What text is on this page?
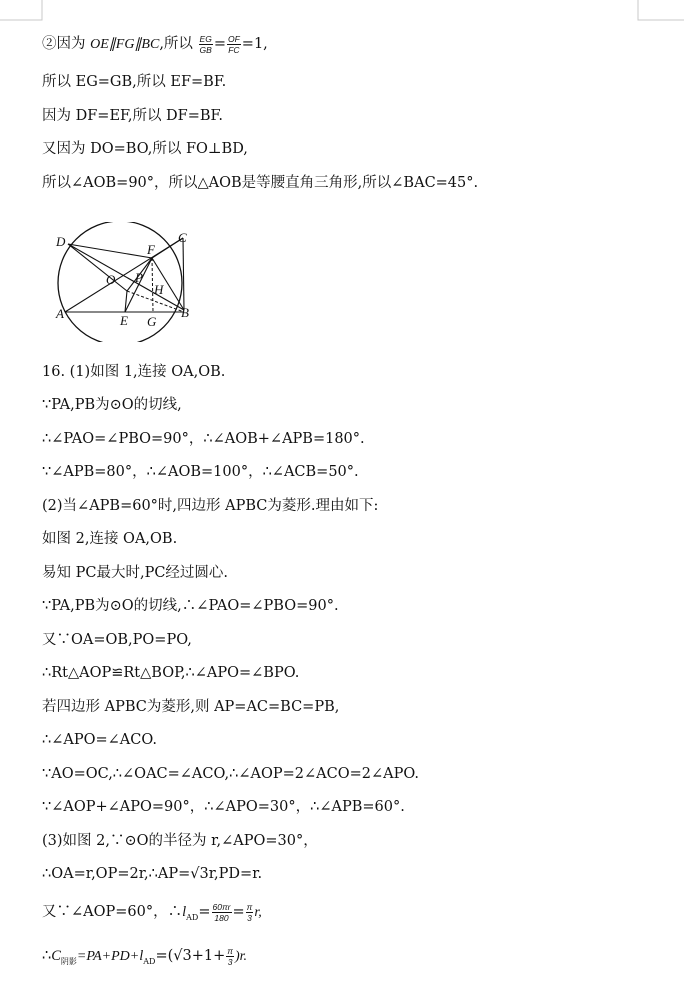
②因为 OE∥FG∥BC,所以 $\frac{EG}{GB} = \frac{OF}{FC} =1$,
所以 EG=GB,所以 EF=BF.
因为 DF=EF,所以 DF=BF.
又因为 DO=BO,所以 FO⊥BD,
所以∠AOB=90°，所以△AOB是等腰直角三角形,所以∠BAC=45°.
D
F
C
O P
H
A	E G
B
16. (1)如图 1,连接 OA,OB.
∵PA,PB为⊙O的切线,
∴∠PAO=∠PBO=90°，∴∠AOB+∠APB=180°.
∵∠APB=80°，∴∠AOB=100°，∴∠ACB=50°.
(2)当∠APB=60°时,四边形 APBC为菱形.理由如下:
如图 2,连接 OA,OB.
易知 PC最大时,PC经过圆心.
∵PA,PB为⊙O的切线,∴∠PAO=∠PBO=90°.
又∵OA=OB,PO=PO,
∴Rt△AOP≌Rt△BOP,∴∠APO=∠BPO.
若四边形 APBC为菱形,则 AP=AC=BC=PB,
∴∠APO=∠ACO.
∵AO=OC,∴∠OAC=∠ACO,∴∠AOP=2∠ACO=2∠APO.
∵∠AOP+∠APO=90°，∴∠APO=30°，∴∠APB=60°.
(3)如图 2,∵⊙O的半径为 r,∠APO=30°，
∴OA=r,OP=2r,∴AP=√3r,PD=r.
又∵∠AOP=60°，$\therefore l_{AD}= \frac{60\pi r}{180} = \frac{\pi}{3} r$,
$\therefore C_{阴影}=PA+PD+l_{AD}=(√3+1+ \frac{\pi}{3} )r$.
